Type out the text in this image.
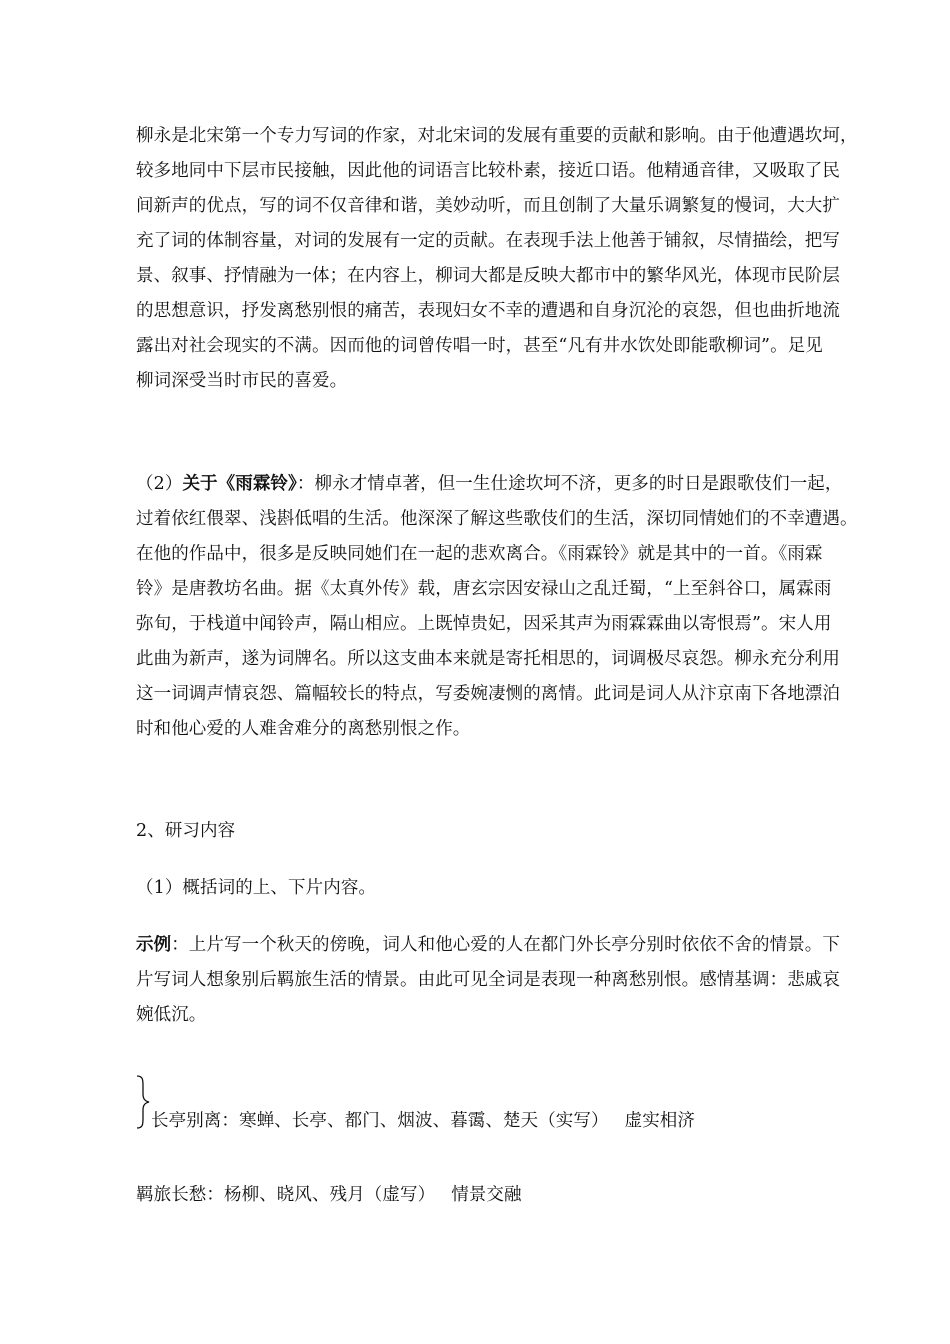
柳永是北宋第一个专力写词的作家，对北宋词的发展有重要的贡献和影响。由于他遭遇坎坷，
较多地同中下层市民接触，因此他的词语言比较朴素，接近口语。他精通音律，又吸取了民
间新声的优点，写的词不仅音律和谐，美妙动听，而且创制了大量乐调繁复的慢词，大大扩
充了词的体制容量，对词的发展有一定的贡献。在表现手法上他善于铺叙，尽情描绘，把写
景、叙事、抒情融为一体；在内容上，柳词大都是反映大都市中的繁华风光，体现市民阶层
的思想意识，抒发离愁别恨的痛苦，表现妇女不幸的遭遇和自身沉沦的哀怨，但也曲折地流
露出对社会现实的不满。因而他的词曾传唱一时，甚至“凡有井水饮处即能歌柳词”。足见
柳词深受当时市民的喜爱。
（2）关于《雨霖铃》：柳永才情卓著，但一生仕途坎坷不济，更多的时日是跟歌伎们一起，
过着依红偎翠、浅斟低唱的生活。他深深了解这些歌伎们的生活，深切同情她们的不幸遭遇。
在他的作品中，很多是反映同她们在一起的悲欢离合。《雨霖铃》就是其中的一首。《雨霖
铃》是唐教坊名曲。据《太真外传》载，唐玄宗因安禄山之乱迁蜀，“上至斜谷口，属霖雨
弥旬，于栈道中闻铃声，隔山相应。上既悼贵妃，因采其声为雨霖霖曲以寄恨焉”。宋人用
此曲为新声，遂为词牌名。所以这支曲本来就是寄托相思的，词调极尽哀怨。柳永充分利用
这一词调声情哀怨、篇幅较长的特点，写委婉凄恻的离情。此词是词人从汴京南下各地漂泊
时和他心爱的人难舍难分的离愁别恨之作。
2、研习内容
（1）概括词的上、下片内容。
示例：上片写一个秋天的傍晚，词人和他心爱的人在都门外长亭分别时依依不舍的情景。下
片写词人想象别后羁旅生活的情景。由此可见全词是表现一种离愁别恨。感情基调：悲戚哀
婉低沉。
长亭别离：寒蝉、长亭、都门、烟波、暮霭、楚天（实写） 虚实相济
羁旅长愁：杨柳、晓风、残月（虚写） 情景交融
